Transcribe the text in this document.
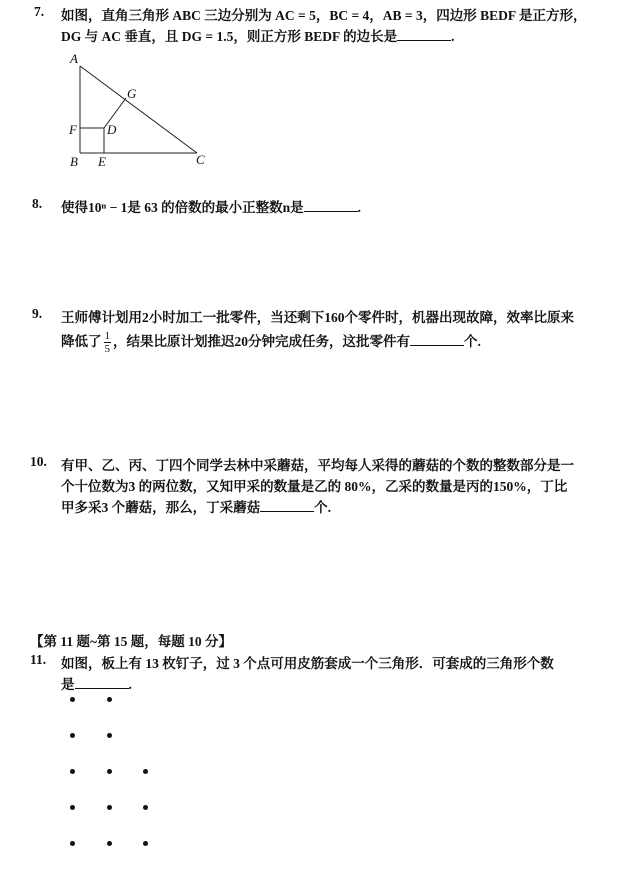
7. 如图，直角三角形 ABC 三边分别为 AC = 5，BC = 4，AB = 3，四边形 BEDF 是正方形，
DG 与 AC 垂直，且 DG = 1.5，则正方形 BEDF 的边长是	.
A
B	C
D
E
F
G
8. 使得10ⁿ − 1是 63 的倍数的最小正整数n是	.
9. 王师傅计划用2小时加工一批零件，当还剩下160个零件时，机器出现故障，效率比原来
降低了 $\frac{1}{5}$ ，结果比原计划推迟20分钟完成任务，这批零件有	个.
10. 有甲、乙、丙、丁四个同学去林中采蘑菇，平均每人采得的蘑菇的个数的整数部分是一
个十位数为3 的两位数，又知甲采的数量是乙的 80%，乙采的数量是丙的150%，丁比
甲多采3 个蘑菇，那么，丁采蘑菇	个.
【第 11 题~第 15 题，每题 10 分】
11. 如图，板上有 13 枚钉子，过 3 个点可用皮筋套成一个三角形．可套成的三角形个数
是	.
